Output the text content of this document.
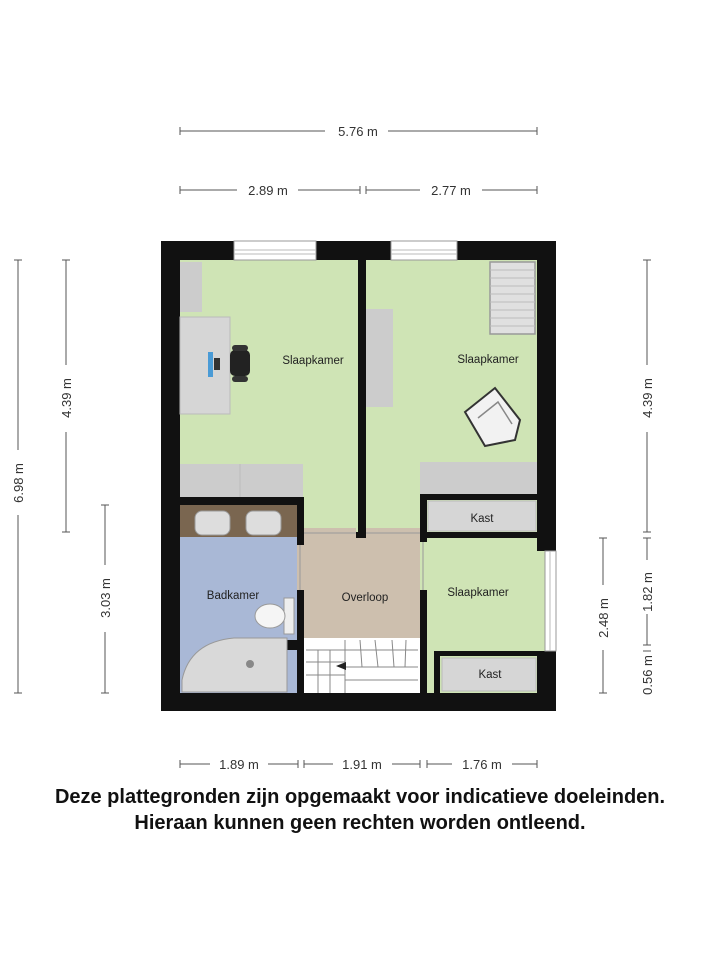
5.76 m
2.89 m	2.77 m
6.98 m
4.39 m
3.03 m
4.39 m
1.82 m
0.56 m
2.48 m
1.89 m	1.91 m	1.76 m
Slaapkamer	Slaapkamer
Slaapkamer
Badkamer	Overloop
Kast
Kast
Deze plattegronden zijn opgemaakt voor indicatieve doeleinden.
Hieraan kunnen geen rechten worden ontleend.
